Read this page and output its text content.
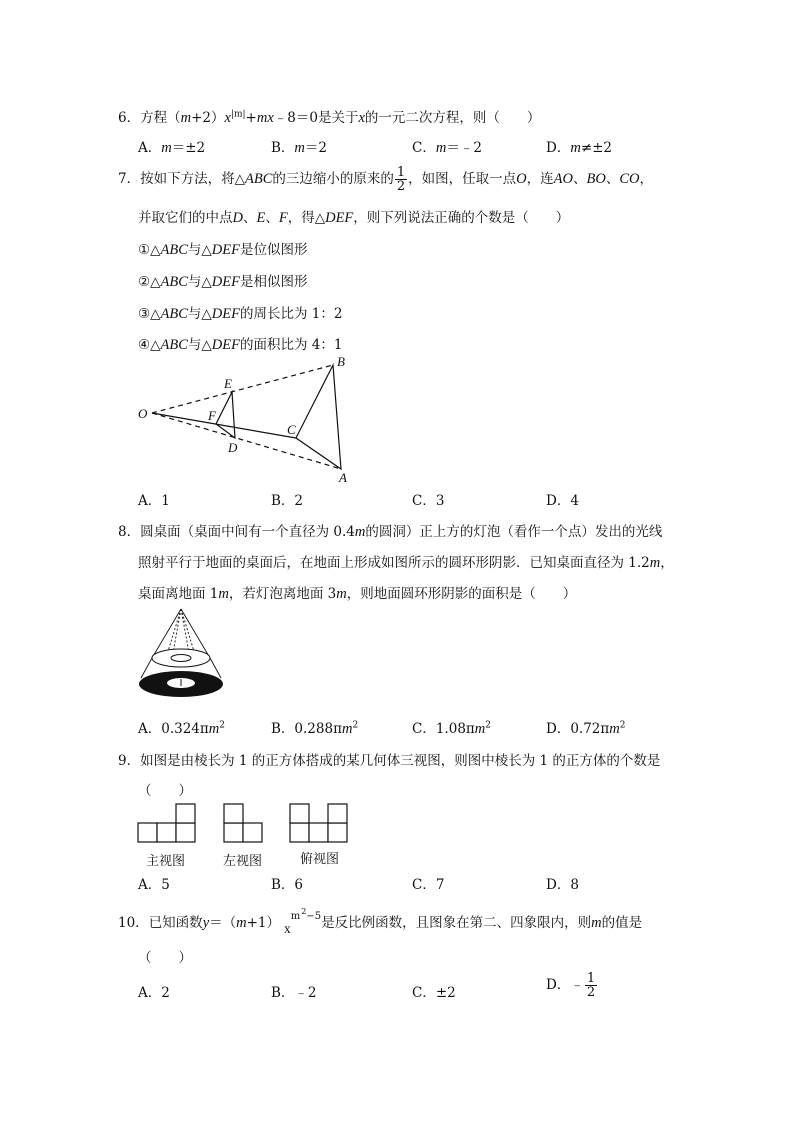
6．方程$(m+2)x^{|m|}+mx﹣8=0$是关于x的一元二次方程，则（　　）
A．m＝±2	B．m＝2	C．m＝﹣2	D．m≠±2
7．按如下方法，将△ABC的三边缩小的原来的 $\frac{1}{2}$ ，如图，任取一点O，连AO、BO、CO，
并取它们的中点D、E、F，得△DEF，则下列说法正确的个数是（　　）
①△ABC与△DEF是位似图形
②△ABC与△DEF是相似图形
③△ABC与△DEF的周长比为 1：2
④△ABC与△DEF的面积比为 4：1
O
E
F
D
C
B
A
A．1	B．2	C．3	D．4
8．圆桌面（桌面中间有一个直径为 0.4m的圆洞）正上方的灯泡（看作一个点）发出的光线
照射平行于地面的桌面后，在地面上形成如图所示的圆环形阴影．已知桌面直径为 1.2m，
桌面离地面 1m，若灯泡离地面 3m，则地面圆环形阴影的面积是（　　）
A．$0.324\pi m^2$	B．$0.288\pi m^2$	C．$1.08\pi m^2$	D．$0.72\pi m^2$
9．如图是由棱长为 1 的正方体搭成的某几何体三视图，则图中棱长为 1 的正方体的个数是
（　　）
主视图	左视图	俯视图
A．5	B．6	C．7	D．8
10．已知函数y＝（m+1） $x^{m^2-5}$是反比例函数，且图象在第二、四象限内，则m的值是
（　　）
A．2	B．﹣2	C．±2	D．﹣ $\frac{1}{2}$
